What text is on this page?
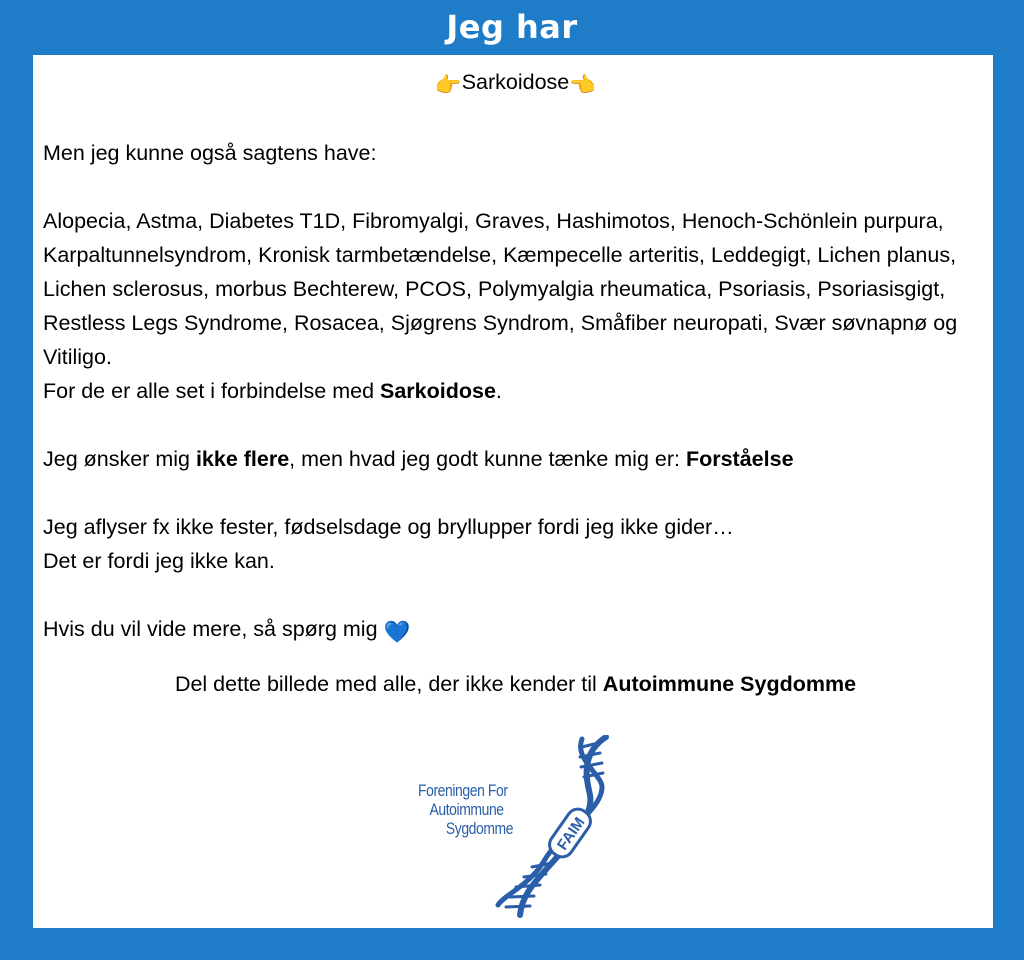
Jeg har

👉Sarkoidose👈

Men jeg kunne også sagtens have:

Alopecia, Astma, Diabetes T1D, Fibromyalgi, Graves, Hashimotos, Henoch-Schönlein purpura, Karpaltunnelsyndrom, Kronisk tarmbetændelse, Kæmpecelle arteritis, Leddegigt, Lichen planus, Lichen sclerosus, morbus Bechterew, PCOS, Polymyalgia rheumatica, Psoriasis, Psoriasisgigt, Restless Legs Syndrome, Rosacea, Sjøgrens Syndrom, Småfiber neuropati, Svær søvnapnø og Vitiligo.

For de er alle set i forbindelse med Sarkoidose.

Jeg ønsker mig ikke flere, men hvad jeg godt kunne tænke mig er: Forståelse

Jeg aflyser fx ikke fester, fødselsdage og bryllupper fordi jeg ikke gider…

Det er fordi jeg ikke kan.

Hvis du vil vide mere, så spørg mig 💙

Del dette billede med alle, der ikke kender til Autoimmune Sygdomme

Foreningen For
Autoimmune
Sygdomme	FAIM
